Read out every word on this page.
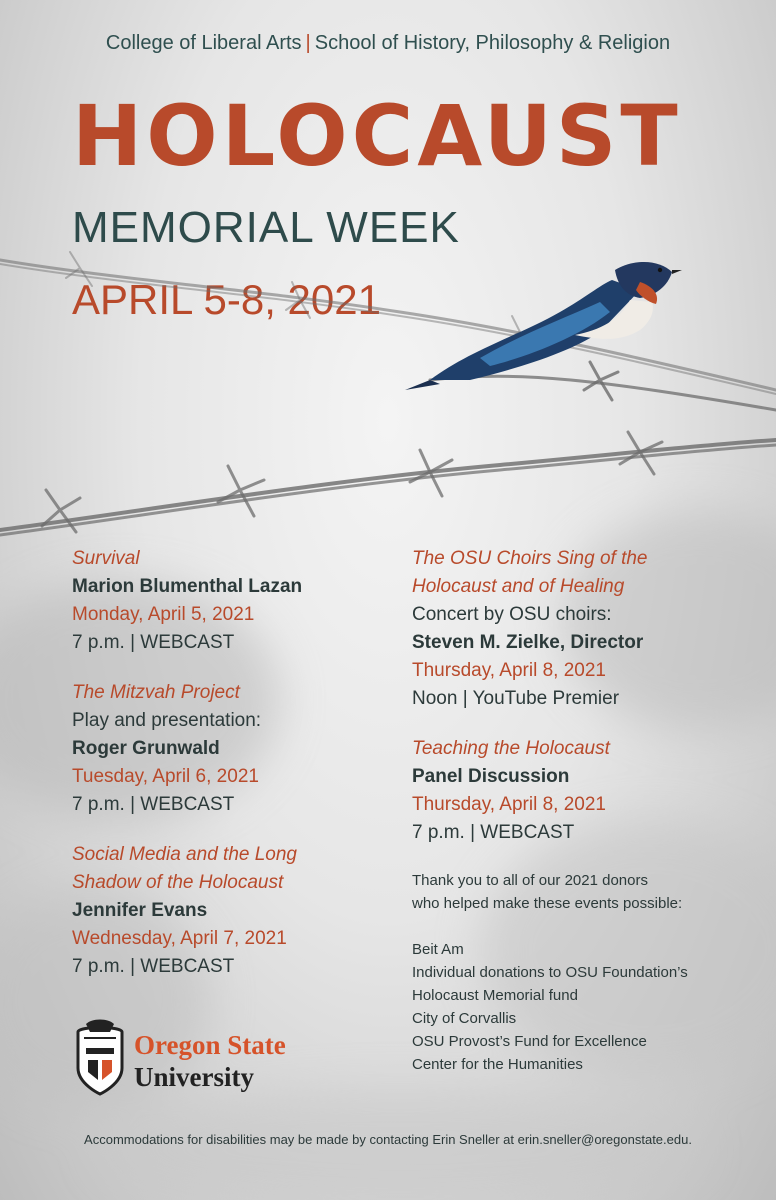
College of Liberal Arts | School of History, Philosophy & Religion
HOLOCAUST
MEMORIAL WEEK
APRIL 5-8, 2021
Survival
Marion Blumenthal Lazan
Monday, April 5, 2021
7 p.m. | WEBCAST
The Mitzvah Project
Play and presentation:
Roger Grunwald
Tuesday, April 6, 2021
7 p.m. | WEBCAST
Social Media and the Long
Shadow of the Holocaust
Jennifer Evans
Wednesday, April 7, 2021
7 p.m. | WEBCAST
The OSU Choirs Sing of the
Holocaust and of Healing
Concert by OSU choirs:
Steven M. Zielke, Director
Thursday, April 8, 2021
Noon | YouTube Premier
Teaching the Holocaust
Panel Discussion
Thursday, April 8, 2021
7 p.m. | WEBCAST
Thank you to all of our 2021 donors
who helped make these events possible:
Beit Am
Individual donations to OSU Foundation’s
Holocaust Memorial fund
City of Corvallis
OSU Provost’s Fund for Excellence
Center for the Humanities
Oregon State
University
Accommodations for disabilities may be made by contacting Erin Sneller at erin.sneller@oregonstate.edu.
